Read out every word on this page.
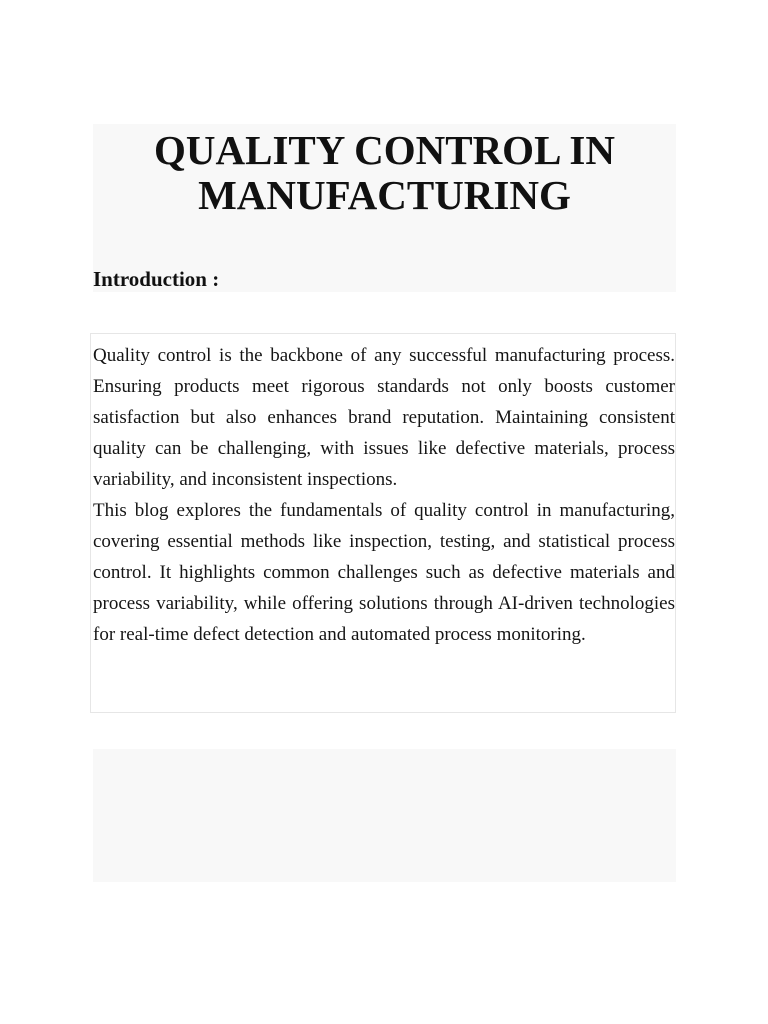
QUALITY CONTROL IN MANUFACTURING
Introduction :

Quality control is the backbone of any successful manufacturing process. Ensuring products meet rigorous standards not only boosts customer satisfaction but also enhances brand reputation. Maintaining consistent quality can be challenging, with issues like defective materials, process variability, and inconsistent inspections.

This blog explores the fundamentals of quality control in manufacturing, covering essential methods like inspection, testing, and statistical process control. It highlights common challenges such as defective materials and process variability, while offering solutions through AI-driven technologies for real-time defect detection and automated process monitoring.
